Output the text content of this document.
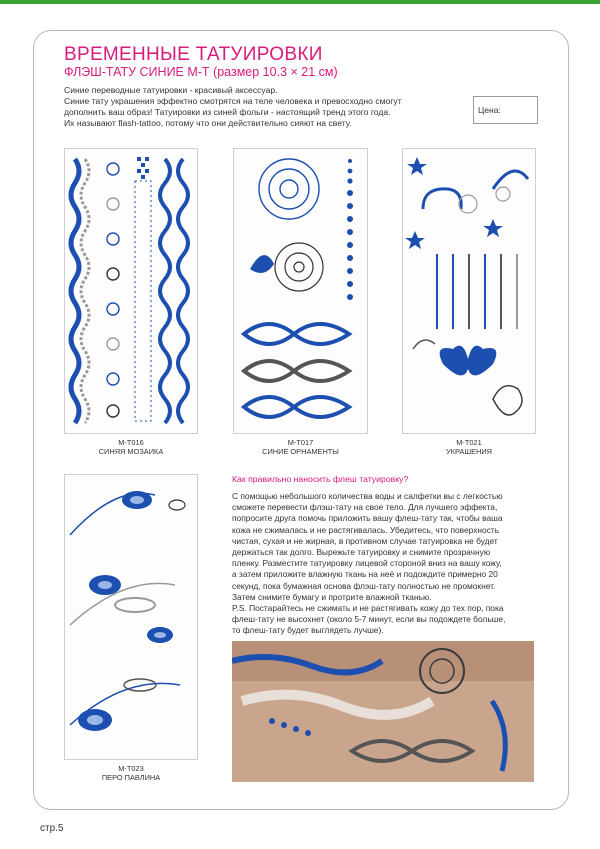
ВРЕМЕННЫЕ ТАТУИРОВКИ
ФЛЭШ-ТАТУ СИНИЕ М-Т (размер 10.3 × 21 см)
Синие переводные татуировки - красивый аксессуар.
Синие тату украшения эффектно смотрятся на теле человека и превосходно смогут
дополнить ваш образ! Татуировки из синей фольги - настоящий тренд этого года.
Их называют flash-tattoo, потому что они действительно сияют на свету.
Цена:
M-T016
СИНЯЯ МОЗАИКА
M-T017
СИНИЕ ОРНАМЕНТЫ
M-T021
УКРАШЕНИЯ
M-T023
ПЕРО ПАВЛИНА
Как правильно наносить флеш татуировку?
С помощью небольшого количества воды и салфетки вы с легкостью
сможете перевести флэш-тату на свое тело. Для лучшего эффекта,
попросите друга помочь приложить вашу флеш-тату так, чтобы ваша
кожа не сжималась и не растягивалась. Убедитесь, что поверхность
чистая, сухая и не жирная, в противном случае татуировка не будет
держаться так долго. Вырежьте татуировку и снимите прозрачную
пленку. Разместите татуировку лицевой стороной вниз на вашу кожу,
а затем приложите влажную ткань на неё и подождите примерно 20
секунд, пока бумажная основа флэш-тату полностью не промокнет.
Затем снимите бумагу и протрите влажной тканью.
P.S. Постарайтесь не сжимать и не растягивать кожу до тех пор, пока
флеш-тату не высохнет (около 5-7 минут, если вы подождете больше,
то флеш-тату будет выглядеть лучше).
стр.5
